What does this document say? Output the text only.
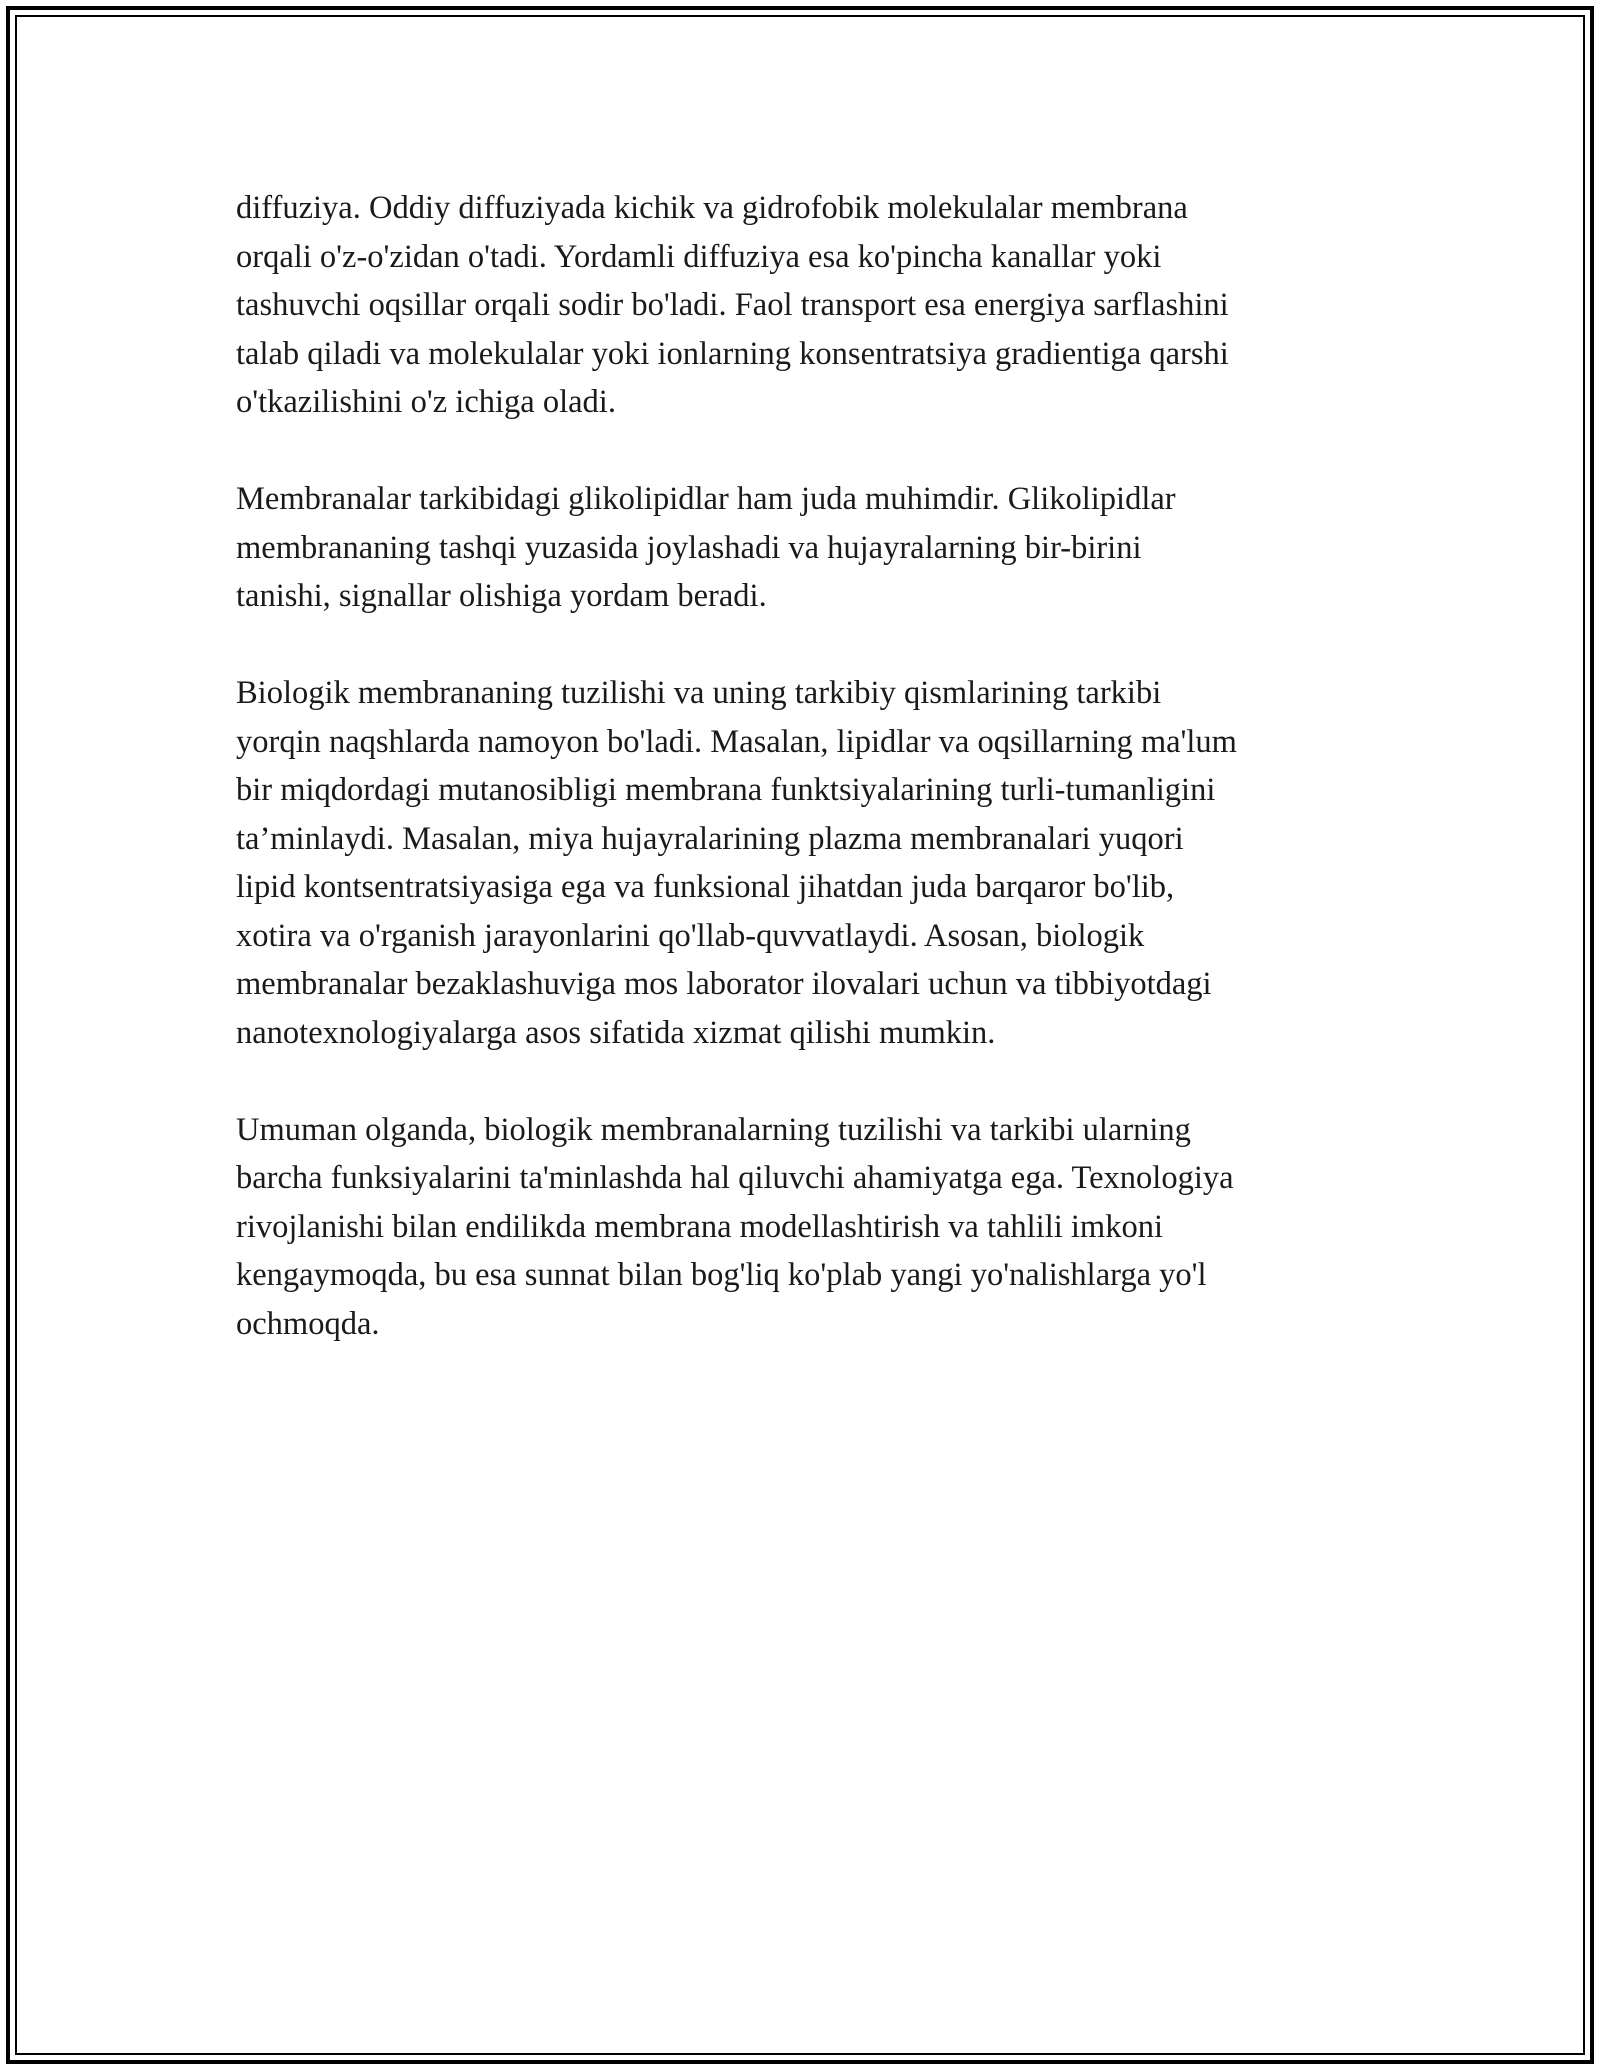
diffuziya. Oddiy diffuziyada kichik va gidrofobik molekulalar membrana
orqali o'z-o'zidan o'tadi. Yordamli diffuziya esa ko'pincha kanallar yoki
tashuvchi oqsillar orqali sodir bo'ladi. Faol transport esa energiya sarflashini
talab qiladi va molekulalar yoki ionlarning konsentratsiya gradientiga qarshi
o'tkazilishini o'z ichiga oladi.

Membranalar tarkibidagi glikolipidlar ham juda muhimdir. Glikolipidlar
membrananing tashqi yuzasida joylashadi va hujayralarning bir-birini
tanishi, signallar olishiga yordam beradi.

Biologik membrananing tuzilishi va uning tarkibiy qismlarining tarkibi
yorqin naqshlarda namoyon bo'ladi. Masalan, lipidlar va oqsillarning ma'lum
bir miqdordagi mutanosibligi membrana funktsiyalarining turli-tumanligini
ta’minlaydi. Masalan, miya hujayralarining plazma membranalari yuqori
lipid kontsentratsiyasiga ega va funksional jihatdan juda barqaror bo'lib,
xotira va o'rganish jarayonlarini qo'llab-quvvatlaydi. Asosan, biologik
membranalar bezaklashuviga mos laborator ilovalari uchun va tibbiyotdagi
nanotexnologiyalarga asos sifatida xizmat qilishi mumkin.

Umuman olganda, biologik membranalarning tuzilishi va tarkibi ularning
barcha funksiyalarini ta'minlashda hal qiluvchi ahamiyatga ega. Texnologiya
rivojlanishi bilan endilikda membrana modellashtirish va tahlili imkoni
kengaymoqda, bu esa sunnat bilan bog'liq ko'plab yangi yo'nalishlarga yo'l
ochmoqda.
